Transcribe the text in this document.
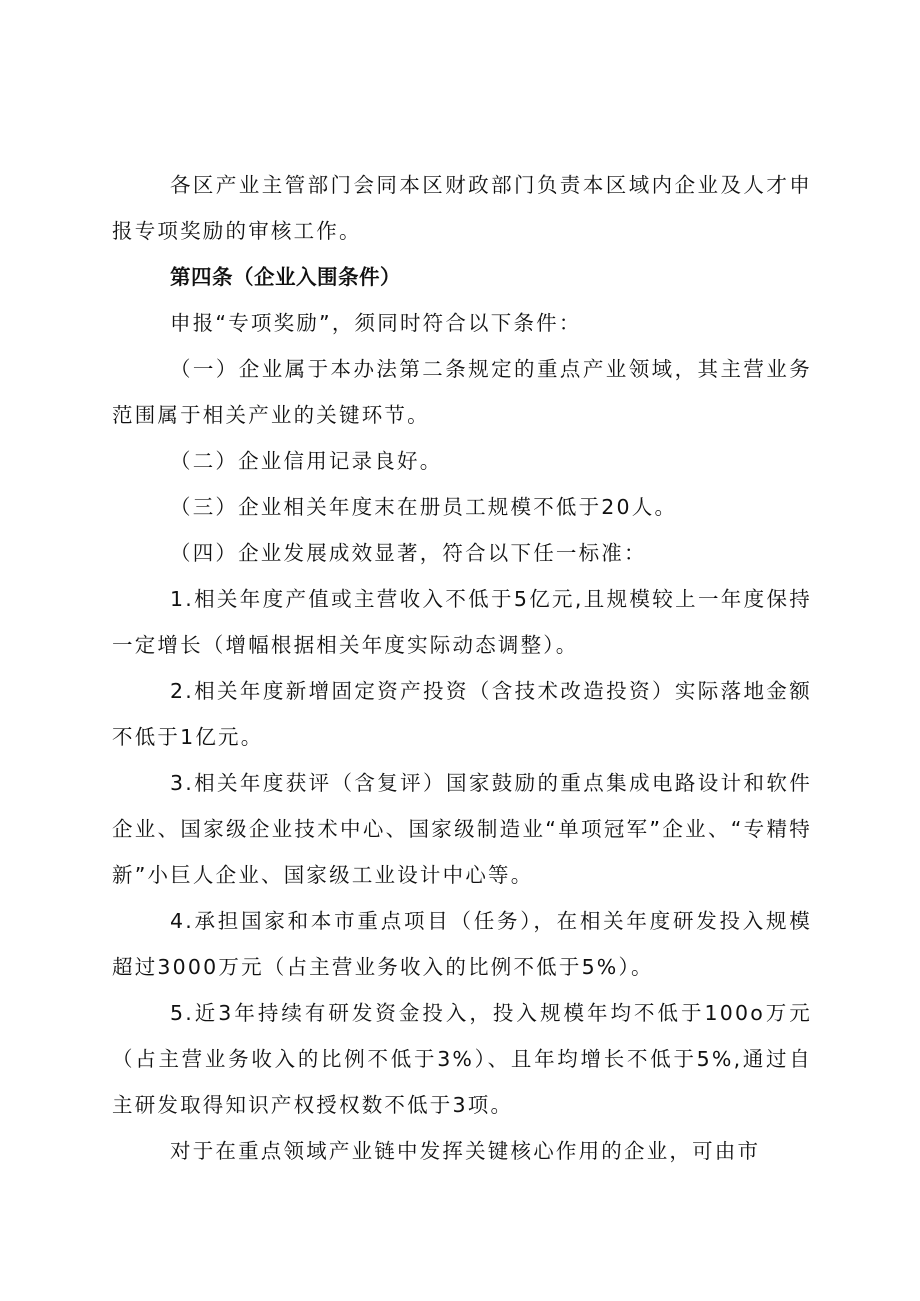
各区产业主管部门会同本区财政部门负责本区域内企业及人才申报专项奖励的审核工作。

第四条（企业入围条件）

申报“专项奖励”，须同时符合以下条件：

（一）企业属于本办法第二条规定的重点产业领域，其主营业务范围属于相关产业的关键环节。

（二）企业信用记录良好。

（三）企业相关年度末在册员工规模不低于20人。

（四）企业发展成效显著，符合以下任一标准：

1.相关年度产值或主营收入不低于5亿元,且规模较上一年度保持一定增长（增幅根据相关年度实际动态调整）。

2.相关年度新增固定资产投资（含技术改造投资）实际落地金额不低于1亿元。

3.相关年度获评（含复评）国家鼓励的重点集成电路设计和软件企业、国家级企业技术中心、国家级制造业“单项冠军”企业、“专精特新”小巨人企业、国家级工业设计中心等。

4.承担国家和本市重点项目（任务），在相关年度研发投入规模超过3000万元（占主营业务收入的比例不低于5%）。

5.近3年持续有研发资金投入，投入规模年均不低于100o万元（占主营业务收入的比例不低于3%）、且年均增长不低于5%,通过自主研发取得知识产权授权数不低于3项。

对于在重点领域产业链中发挥关键核心作用的企业，可由市
